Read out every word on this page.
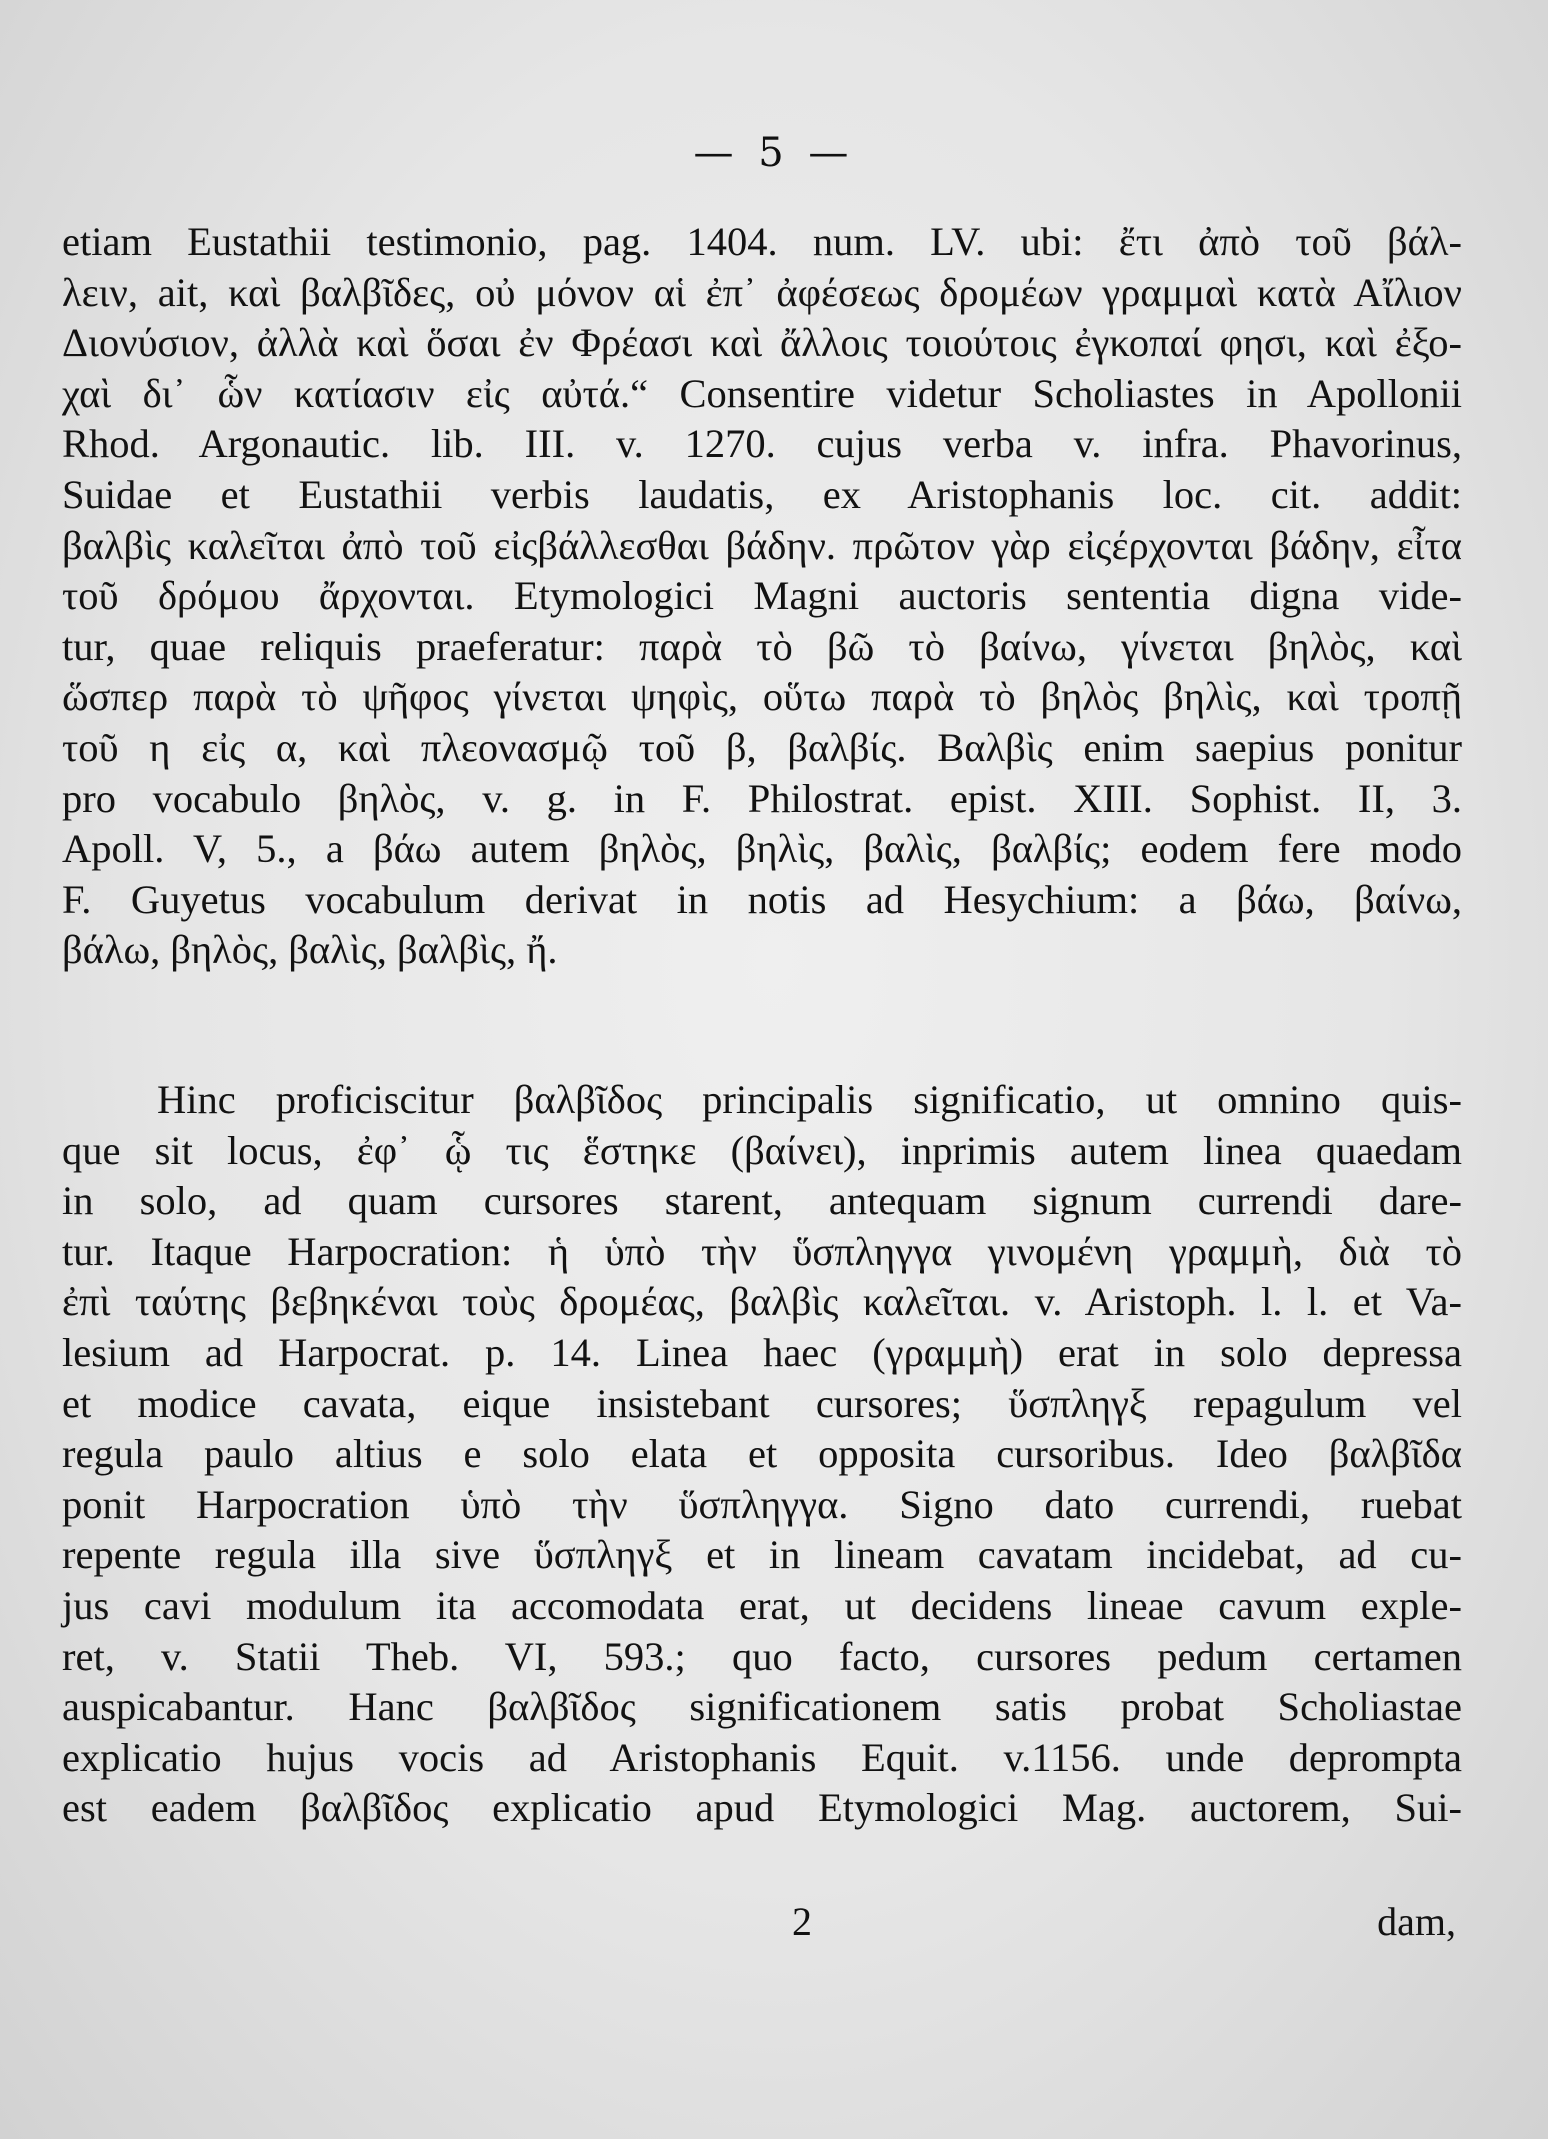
— 5 —
etiam Eustathii testimonio, pag. 1404. num. LV. ubi: ἔτι ἀπὸ τοῦ βάλ-
λειν, ait, καὶ βαλβῖδες, οὐ μόνον αἱ ἐπ᾽ ἀφέσεως δρομέων γραμμαὶ κατὰ Αἴλιον
Διονύσιον, ἀλλὰ καὶ ὅσαι ἐν Φρέασι καὶ ἄλλοις τοιούτοις ἐγκοπαί φησι, καὶ ἐξο-
χαὶ δι᾽ ὧν κατίασιν εἰς αὐτά.“ Consentire videtur Scholiastes in Apollonii
Rhod. Argonautic. lib. III. v. 1270. cujus verba v. infra. Phavorinus,
Suidae et Eustathii verbis laudatis, ex Aristophanis loc. cit. addit:
βαλβὶς καλεῖται ἀπὸ τοῦ εἰςβάλλεσθαι βάδην. πρῶτον γὰρ εἰςέρχονται βάδην, εἶτα
τοῦ δρόμου ἄρχονται. Etymologici Magni auctoris sententia digna vide-
tur, quae reliquis praeferatur: παρὰ τὸ βῶ τὸ βαίνω, γίνεται βηλὸς, καὶ
ὥσπερ παρὰ τὸ ψῆφος γίνεται ψηφὶς, οὕτω παρὰ τὸ βηλὸς βηλὶς, καὶ τροπῇ
τοῦ η εἰς α, καὶ πλεονασμῷ τοῦ β, βαλβίς. Βαλβὶς enim saepius ponitur
pro vocabulo βηλὸς, v. g. in F. Philostrat. epist. XIII. Sophist. II, 3.
Apoll. V, 5., a βάω autem βηλὸς, βηλὶς, βαλὶς, βαλβίς; eodem fere modo
F. Guyetus vocabulum derivat in notis ad Hesychium: a βάω, βαίνω,
βάλω, βηλὸς, βαλὶς, βαλβὶς, ἤ.
Hinc proficiscitur βαλβῖδος principalis significatio, ut omnino quis-
que sit locus, ἐφ᾽ ᾧ τις ἕστηκε (βαίνει), inprimis autem linea quaedam
in solo, ad quam cursores starent, antequam signum currendi dare-
tur. Itaque Harpocration: ἡ ὑπὸ τὴν ὕσπληγγα γινομένη γραμμὴ, διὰ τὸ
ἐπὶ ταύτης βεβηκέναι τοὺς δρομέας, βαλβὶς καλεῖται. v. Aristoph. l. l. et Va-
lesium ad Harpocrat. p. 14. Linea haec (γραμμὴ) erat in solo depressa
et modice cavata, eique insistebant cursores; ὕσπληγξ repagulum vel
regula paulo altius e solo elata et opposita cursoribus. Ideo βαλβῖδα
ponit Harpocration ὑπὸ τὴν ὕσπληγγα. Signo dato currendi, ruebat
repente regula illa sive ὕσπληγξ et in lineam cavatam incidebat, ad cu-
jus cavi modulum ita accomodata erat, ut decidens lineae cavum exple-
ret, v. Statii Theb. VI, 593.; quo facto, cursores pedum certamen
auspicabantur. Hanc βαλβῖδος significationem satis probat Scholiastae
explicatio hujus vocis ad Aristophanis Equit. v.1156. unde deprompta
est eadem βαλβῖδος explicatio apud Etymologici Mag. auctorem, Sui-
2	dam,
